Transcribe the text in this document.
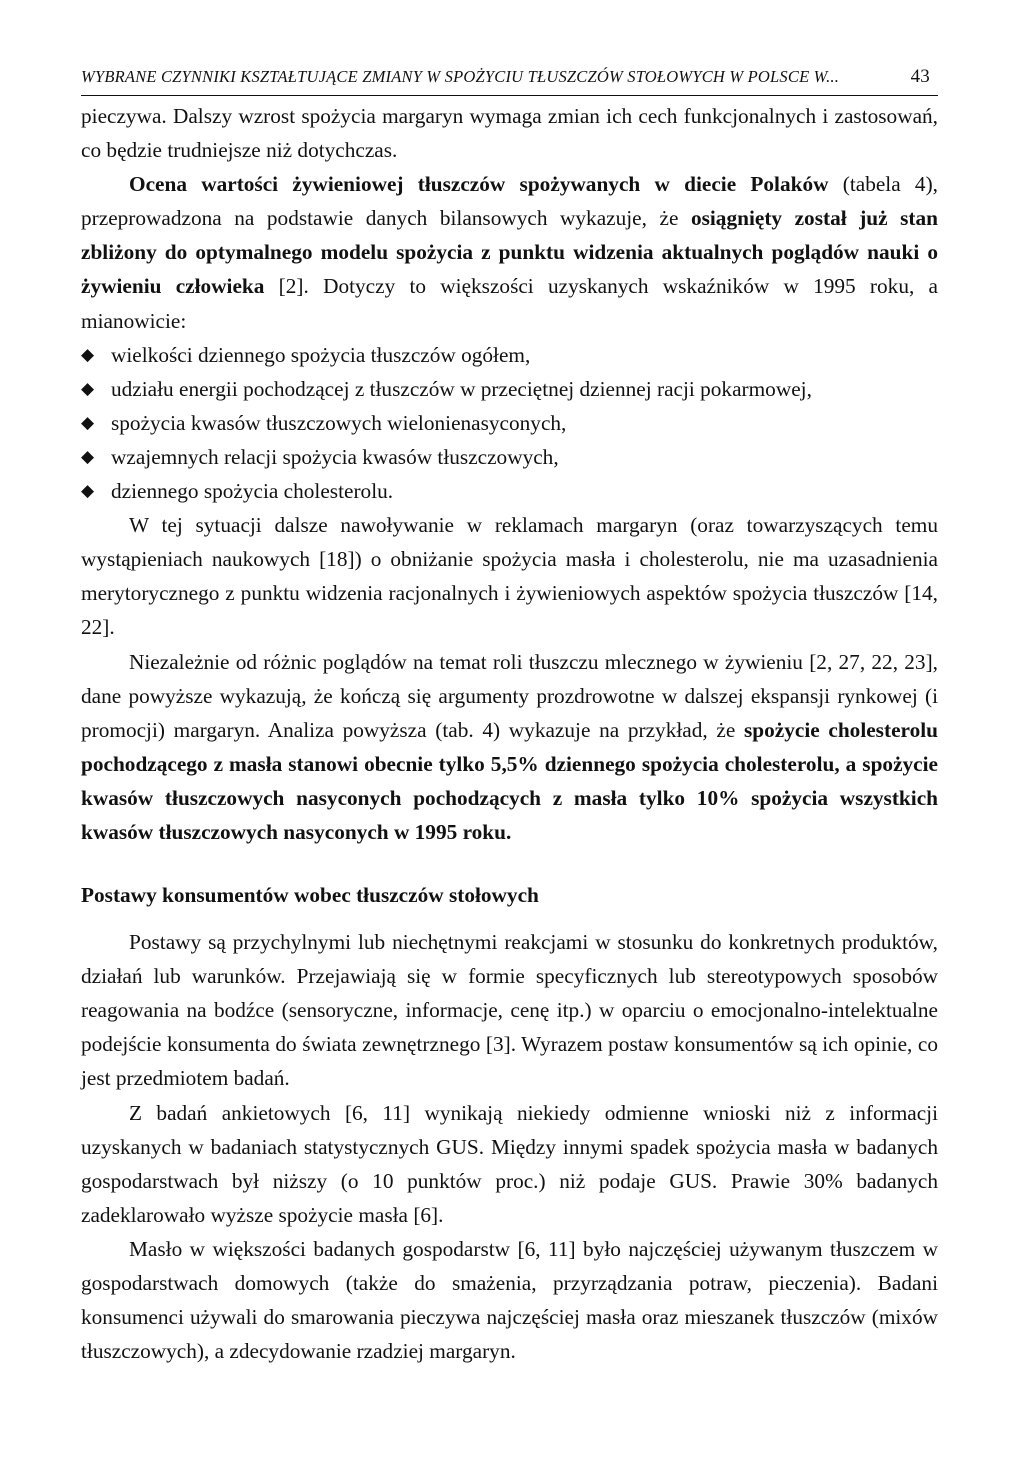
WYBRANE CZYNNIKI KSZTAŁTUJĄCE ZMIANY W SPOŻYCIU TŁUSZCZÓW STOŁOWYCH W POLSCE W...	43

pieczywa. Dalszy wzrost spożycia margaryn wymaga zmian ich cech funkcjonalnych i zastosowań, co będzie trudniejsze niż dotychczas.

Ocena wartości żywieniowej tłuszczów spożywanych w diecie Polaków (tabela 4), przeprowadzona na podstawie danych bilansowych wykazuje, że osiągnięty został już stan zbliżony do optymalnego modelu spożycia z punktu widzenia aktualnych poglądów nauki o żywieniu człowieka [2]. Dotyczy to większości uzyskanych wskaźników w 1995 roku, a mianowicie:

◆ wielkości dziennego spożycia tłuszczów ogółem,
◆ udziału energii pochodzącej z tłuszczów w przeciętnej dziennej racji pokarmowej,
◆ spożycia kwasów tłuszczowych wielonienasyconych,
◆ wzajemnych relacji spożycia kwasów tłuszczowych,
◆ dziennego spożycia cholesterolu.

W tej sytuacji dalsze nawoływanie w reklamach margaryn (oraz towarzyszących temu wystąpieniach naukowych [18]) o obniżanie spożycia masła i cholesterolu, nie ma uzasadnienia merytorycznego z punktu widzenia racjonalnych i żywieniowych aspektów spożycia tłuszczów [14, 22].

Niezależnie od różnic poglądów na temat roli tłuszczu mlecznego w żywieniu [2, 27, 22, 23], dane powyższe wykazują, że kończą się argumenty prozdrowotne w dalszej ekspansji rynkowej (i promocji) margaryn. Analiza powyższa (tab. 4) wykazuje na przykład, że spożycie cholesterolu pochodzącego z masła stanowi obecnie tylko 5,5% dziennego spożycia cholesterolu, a spożycie kwasów tłuszczowych nasyconych pochodzących z masła tylko 10% spożycia wszystkich kwasów tłuszczowych nasyconych w 1995 roku.

Postawy konsumentów wobec tłuszczów stołowych

Postawy są przychylnymi lub niechętnymi reakcjami w stosunku do konkretnych produktów, działań lub warunków. Przejawiają się w formie specyficznych lub stereotypowych sposobów reagowania na bodźce (sensoryczne, informacje, cenę itp.) w oparciu o emocjonalno-intelektualne podejście konsumenta do świata zewnętrznego [3]. Wyrazem postaw konsumentów są ich opinie, co jest przedmiotem badań.

Z badań ankietowych [6, 11] wynikają niekiedy odmienne wnioski niż z informacji uzyskanych w badaniach statystycznych GUS. Między innymi spadek spożycia masła w badanych gospodarstwach był niższy (o 10 punktów proc.) niż podaje GUS. Prawie 30% badanych zadeklarowało wyższe spożycie masła [6].

Masło w większości badanych gospodarstw [6, 11] było najczęściej używanym tłuszczem w gospodarstwach domowych (także do smażenia, przyrządzania potraw, pieczenia). Badani konsumenci używali do smarowania pieczywa najczęściej masła oraz mieszanek tłuszczów (mixów tłuszczowych), a zdecydowanie rzadziej margaryn.
